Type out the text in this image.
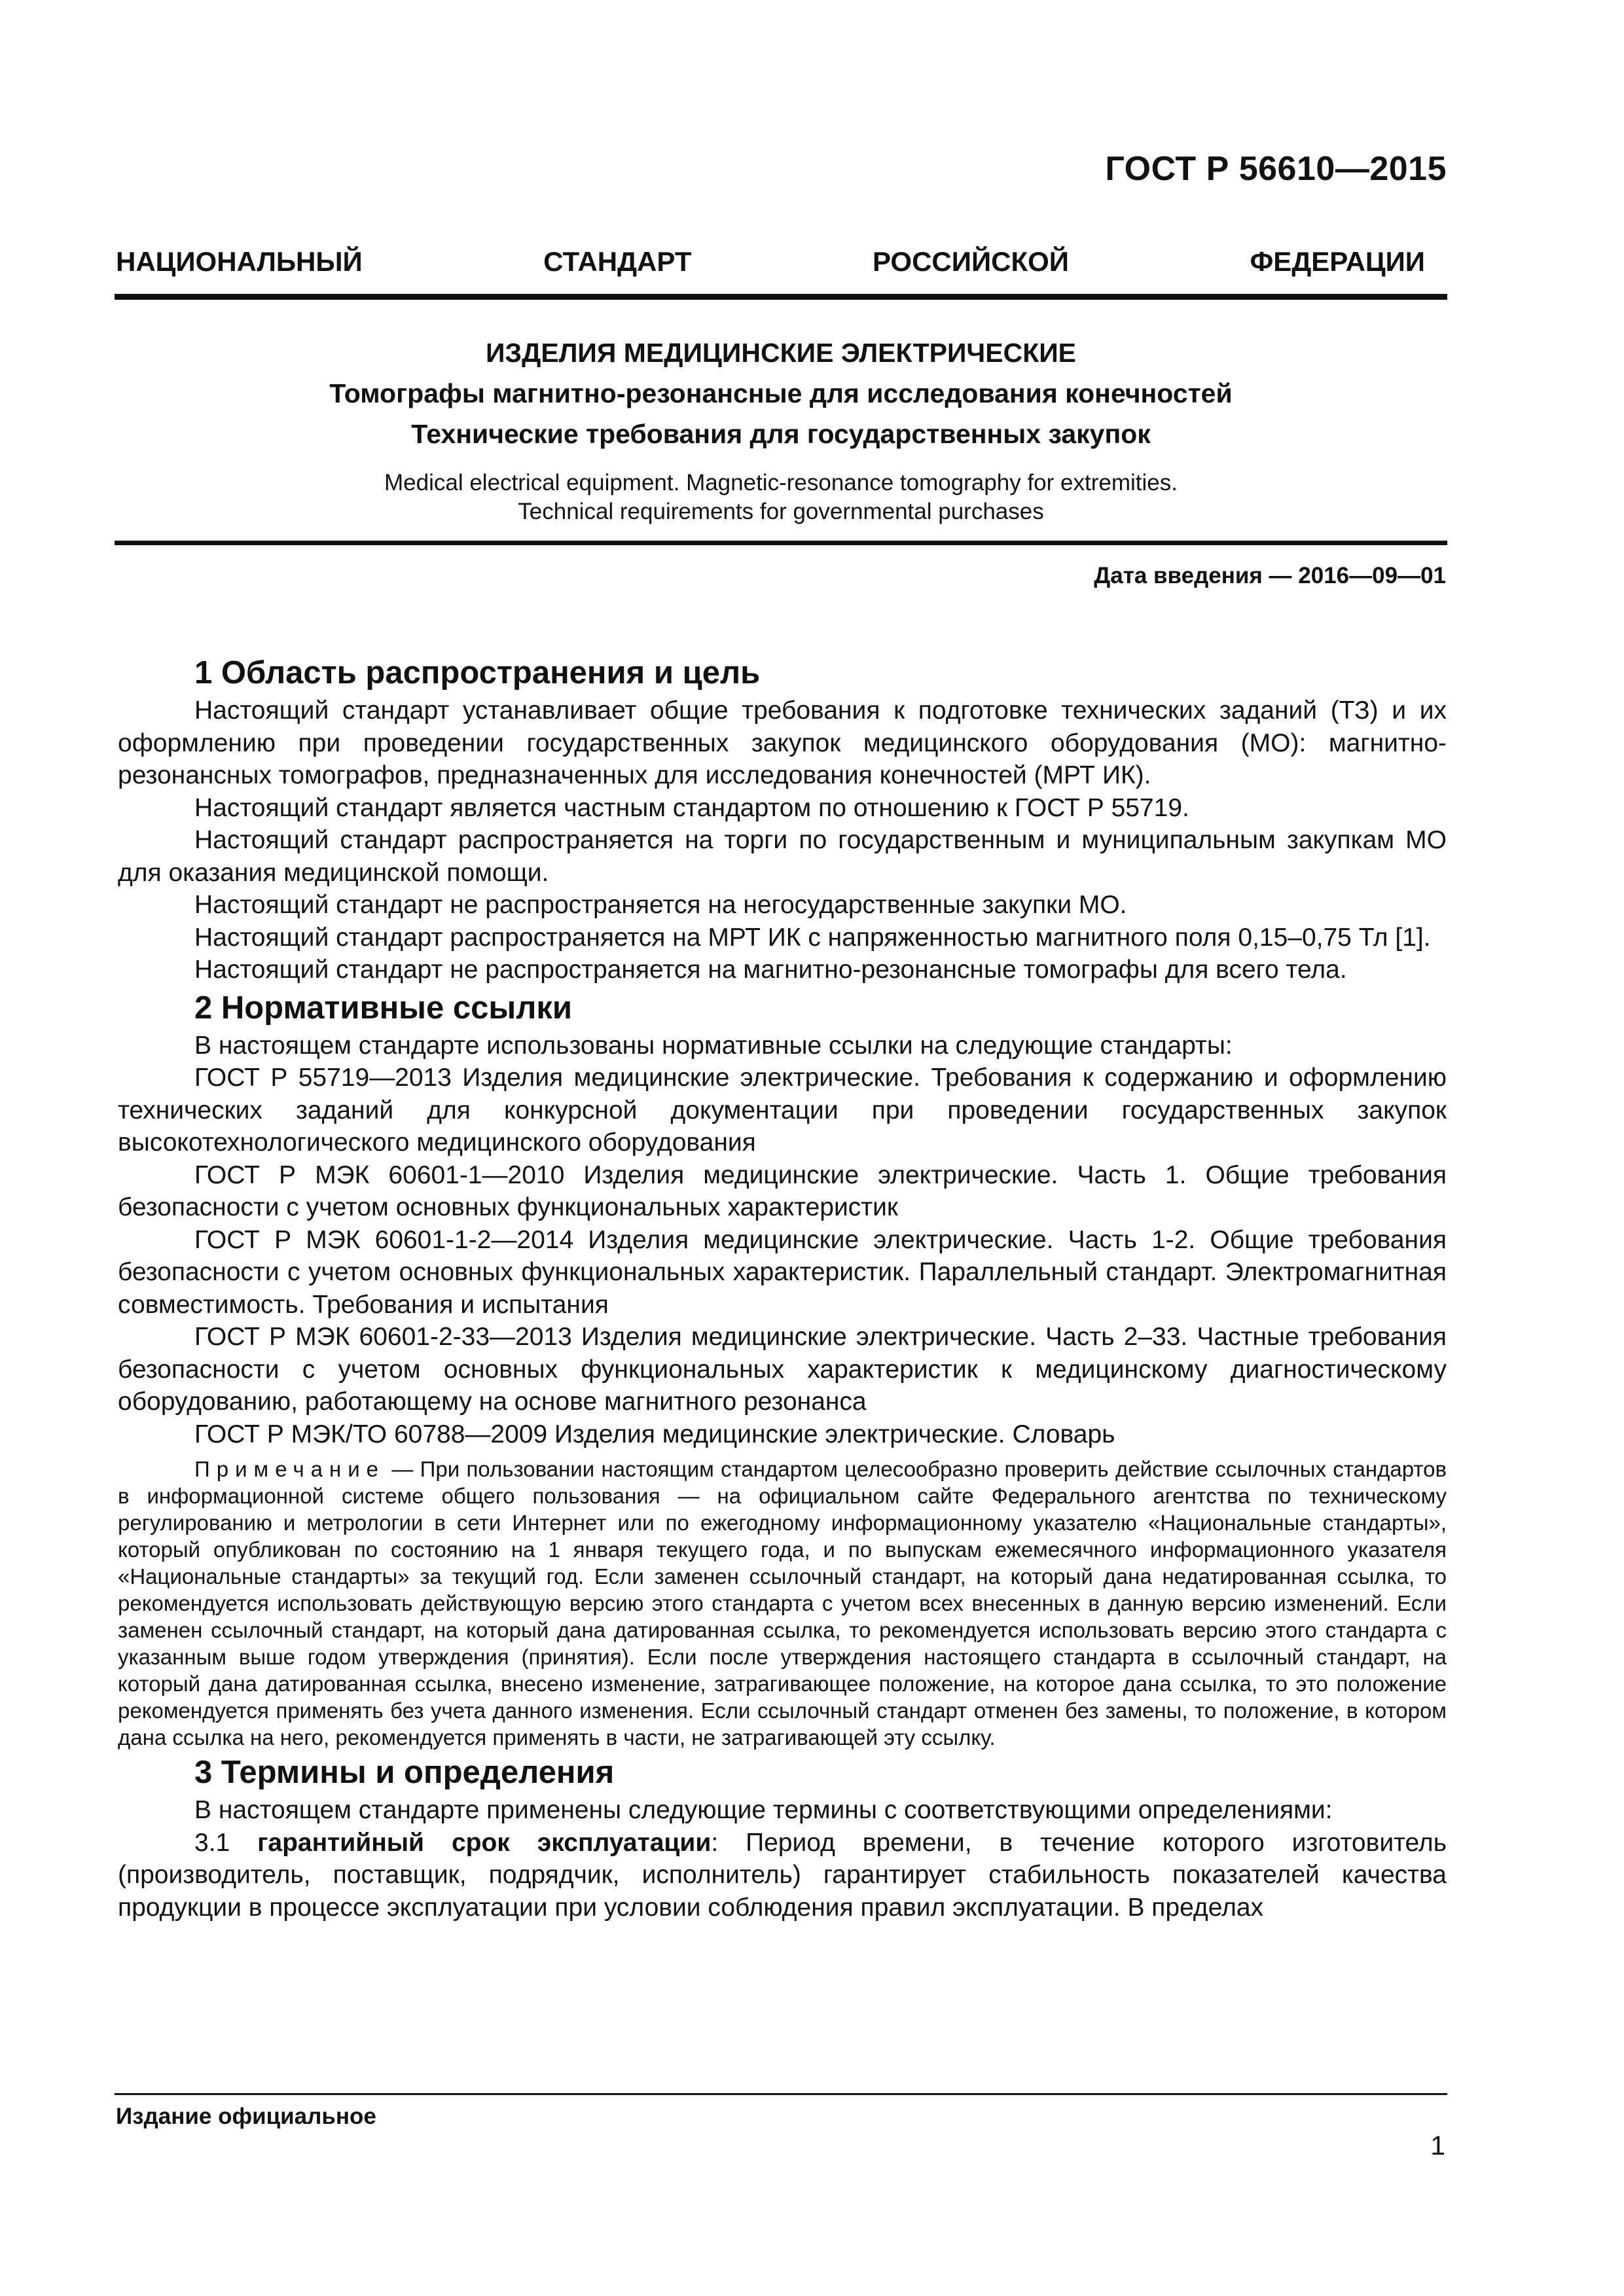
ГОСТ Р 56610—2015

НАЦИОНАЛЬНЫЙ	СТАНДАРТ	РОССИЙСКОЙ	ФЕДЕРАЦИИ

ИЗДЕЛИЯ МЕДИЦИНСКИЕ ЭЛЕКТРИЧЕСКИЕ

Томографы магнитно-резонансные для исследования конечностей

Технические требования для государственных закупок

Medical electrical equipment. Magnetic-resonance tomography for extremities.

Technical requirements for governmental purchases

Дата введения — 2016—09—01

1 Область распространения и цель

Настоящий стандарт устанавливает общие требования к подготовке технических заданий (ТЗ) и их оформлению при проведении государственных закупок медицинского оборудования (МО): магнитно-резонансных томографов, предназначенных для исследования конечностей (МРТ ИК).

Настоящий стандарт является частным стандартом по отношению к ГОСТ Р 55719.

Настоящий стандарт распространяется на торги по государственным и муниципальным закупкам МО для оказания медицинской помощи.

Настоящий стандарт не распространяется на негосударственные закупки МО.

Настоящий стандарт распространяется на МРТ ИК с напряженностью магнитного поля 0,15–0,75 Тл [1].

Настоящий стандарт не распространяется на магнитно-резонансные томографы для всего тела.

2 Нормативные ссылки

В настоящем стандарте использованы нормативные ссылки на следующие стандарты:

ГОСТ Р 55719—2013 Изделия медицинские электрические. Требования к содержанию и оформлению технических заданий для конкурсной документации при проведении государственных закупок высокотехнологического медицинского оборудования

ГОСТ Р МЭК 60601-1—2010 Изделия медицинские электрические. Часть 1. Общие требования безопасности с учетом основных функциональных характеристик

ГОСТ Р МЭК 60601-1-2—2014 Изделия медицинские электрические. Часть 1-2. Общие требования безопасности с учетом основных функциональных характеристик. Параллельный стандарт. Электромагнитная совместимость. Требования и испытания

ГОСТ Р МЭК 60601-2-33—2013 Изделия медицинские электрические. Часть 2–33. Частные требования безопасности с учетом основных функциональных характеристик к медицинскому диагностическому оборудованию, работающему на основе магнитного резонанса

ГОСТ Р МЭК/ТО 60788—2009 Изделия медицинские электрические. Словарь

Примечание — При пользовании настоящим стандартом целесообразно проверить действие ссылочных стандартов в информационной системе общего пользования — на официальном сайте Федерального агентства по техническому регулированию и метрологии в сети Интернет или по ежегодному информационному указателю «Национальные стандарты», который опубликован по состоянию на 1 января текущего года, и по выпускам ежемесячного информационного указателя «Национальные стандарты» за текущий год. Если заменен ссылочный стандарт, на который дана недатированная ссылка, то рекомендуется использовать действующую версию этого стандарта с учетом всех внесенных в данную версию изменений. Если заменен ссылочный стандарт, на который дана датированная ссылка, то рекомендуется использовать версию этого стандарта с указанным выше годом утверждения (принятия). Если после утверждения настоящего стандарта в ссылочный стандарт, на который дана датированная ссылка, внесено изменение, затрагивающее положение, на которое дана ссылка, то это положение рекомендуется применять без учета данного изменения. Если ссылочный стандарт отменен без замены, то положение, в котором дана ссылка на него, рекомендуется применять в части, не затрагивающей эту ссылку.

3 Термины и определения

В настоящем стандарте применены следующие термины с соответствующими определениями:

3.1 гарантийный срок эксплуатации: Период времени, в течение которого изготовитель (производитель, поставщик, подрядчик, исполнитель) гарантирует стабильность показателей качества продукции в процессе эксплуатации при условии соблюдения правил эксплуатации. В пределах

Издание официальное

1
